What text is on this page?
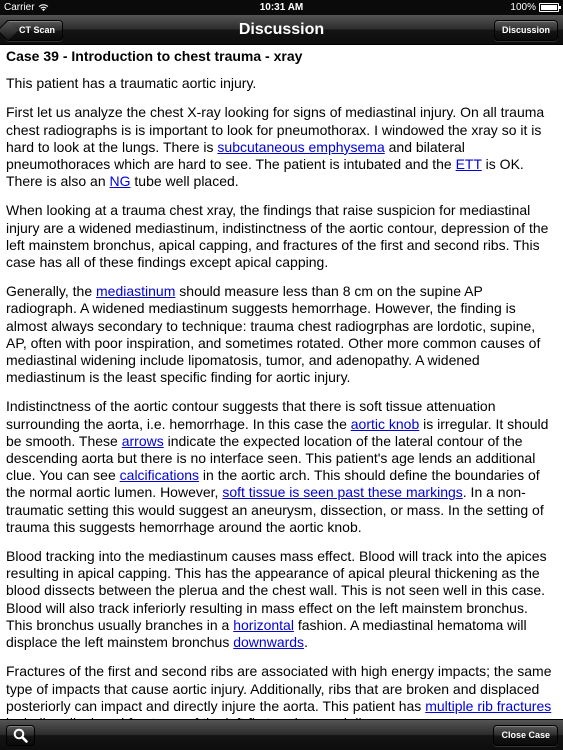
Carrier	10:31 AM	100%
CT Scan	Discussion	Discussion
Case 39 - Introduction to chest trauma - xray

This patient has a traumatic aortic injury.

First let us analyze the chest X-ray looking for signs of mediastinal injury. On all trauma chest radiographs is is important to look for pneumothorax. I windowed the xray so it is hard to look at the lungs. There is subcutaneous emphysema and bilateral pneumothoraces which are hard to see. The patient is intubated and the ETT is OK. There is also an NG tube well placed.

When looking at a trauma chest xray, the findings that raise suspicion for mediastinal injury are a widened mediastinum, indistinctness of the aortic contour, depression of the left mainstem bronchus, apical capping, and fractures of the first and second ribs. This case has all of these findings except apical capping.

Generally, the mediastinum should measure less than 8 cm on the supine AP radiograph. A widened mediastinum suggests hemorrhage. However, the finding is almost always secondary to technique: trauma chest radiogrphas are lordotic, supine, AP, often with poor inspiration, and sometimes rotated. Other more common causes of mediastinal widening include lipomatosis, tumor, and adenopathy. A widened mediastinum is the least specific finding for aortic injury.

Indistinctness of the aortic contour suggests that there is soft tissue attenuation surrounding the aorta, i.e. hemorrhage. In this case the aortic knob is irregular. It should be smooth. These arrows indicate the expected location of the lateral contour of the descending aorta but there is no interface seen. This patient's age lends an additional clue. You can see calcifications in the aortic arch. This should define the boundaries of the normal aortic lumen. However, soft tissue is seen past these markings. In a non-traumatic setting this would suggest an aneurysm, dissection, or mass. In the setting of trauma this suggests hemorrhage around the aortic knob.

Blood tracking into the mediastinum causes mass effect. Blood will track into the apices resulting in apical capping. This has the appearance of apical pleural thickening as the blood dissects between the plerua and the chest wall. This is not seen well in this case. Blood will also track inferiorly resulting in mass effect on the left mainstem bronchus. This bronchus usually branches in a horizontal fashion. A mediastinal hematoma will displace the left mainstem bronchus downwards.

Fractures of the first and second ribs are associated with high energy impacts; the same type of impacts that cause aortic injury. Additionally, ribs that are broken and displaced posteriorly can impact and directly injure the aorta. This patient has multiple rib fractures

Close Case
